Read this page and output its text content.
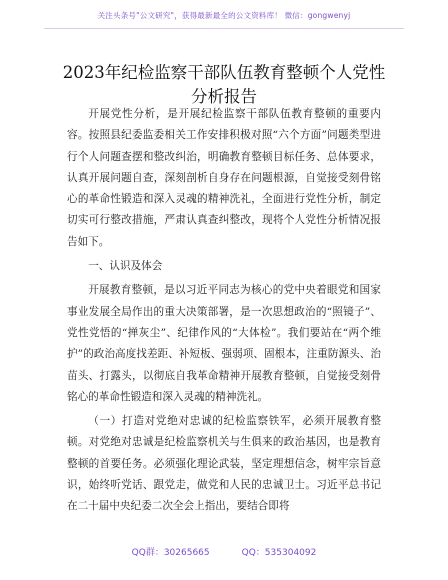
关注头条号"公文研究"，获得最新最全的公文资料库！ 微信：gongwenyj
2023年纪检监察干部队伍教育整顿个人党性分析报告

开展党性分析，是开展纪检监察干部队伍教育整顿的重要内容。按照县纪委监委相关工作安排积极对照“六个方面”问题类型进行个人问题查摆和整改纠治，明确教育整顿目标任务、总体要求，认真开展问题自查，深刻剖析自身存在问题根源，自觉接受刻骨铭心的革命性锻造和深入灵魂的精神洗礼，全面进行党性分析，制定切实可行整改措施，严肃认真查纠整改，现将个人党性分析情况报告如下。

一、认识及体会

开展教育整顿，是以习近平同志为核心的党中央着眼党和国家事业发展全局作出的重大决策部署，是一次思想政治的“照镜子”、党性党悟的“掸灰尘”、纪律作风的“大体检”。我们要站在“两个维护”的政治高度找差距、补短板、强弱项、固根本，注重防源头、治苗头、打露头，以彻底自我革命精神开展教育整顿，自觉接受刻骨铭心的革命性锻造和深入灵魂的精神洗礼。

（一）打造对党绝对忠诚的纪检监察铁军，必须开展教育整顿。对党绝对忠诚是纪检监察机关与生俱来的政治基因，也是教育整顿的首要任务。必须强化理论武装，坚定理想信念，树牢宗旨意识，始终听党话、跟党走，做党和人民的忠诚卫士。习近平总书记在二十届中央纪委二次全会上指出，要结合即将

QQ群：30265665	QQ：535304092
